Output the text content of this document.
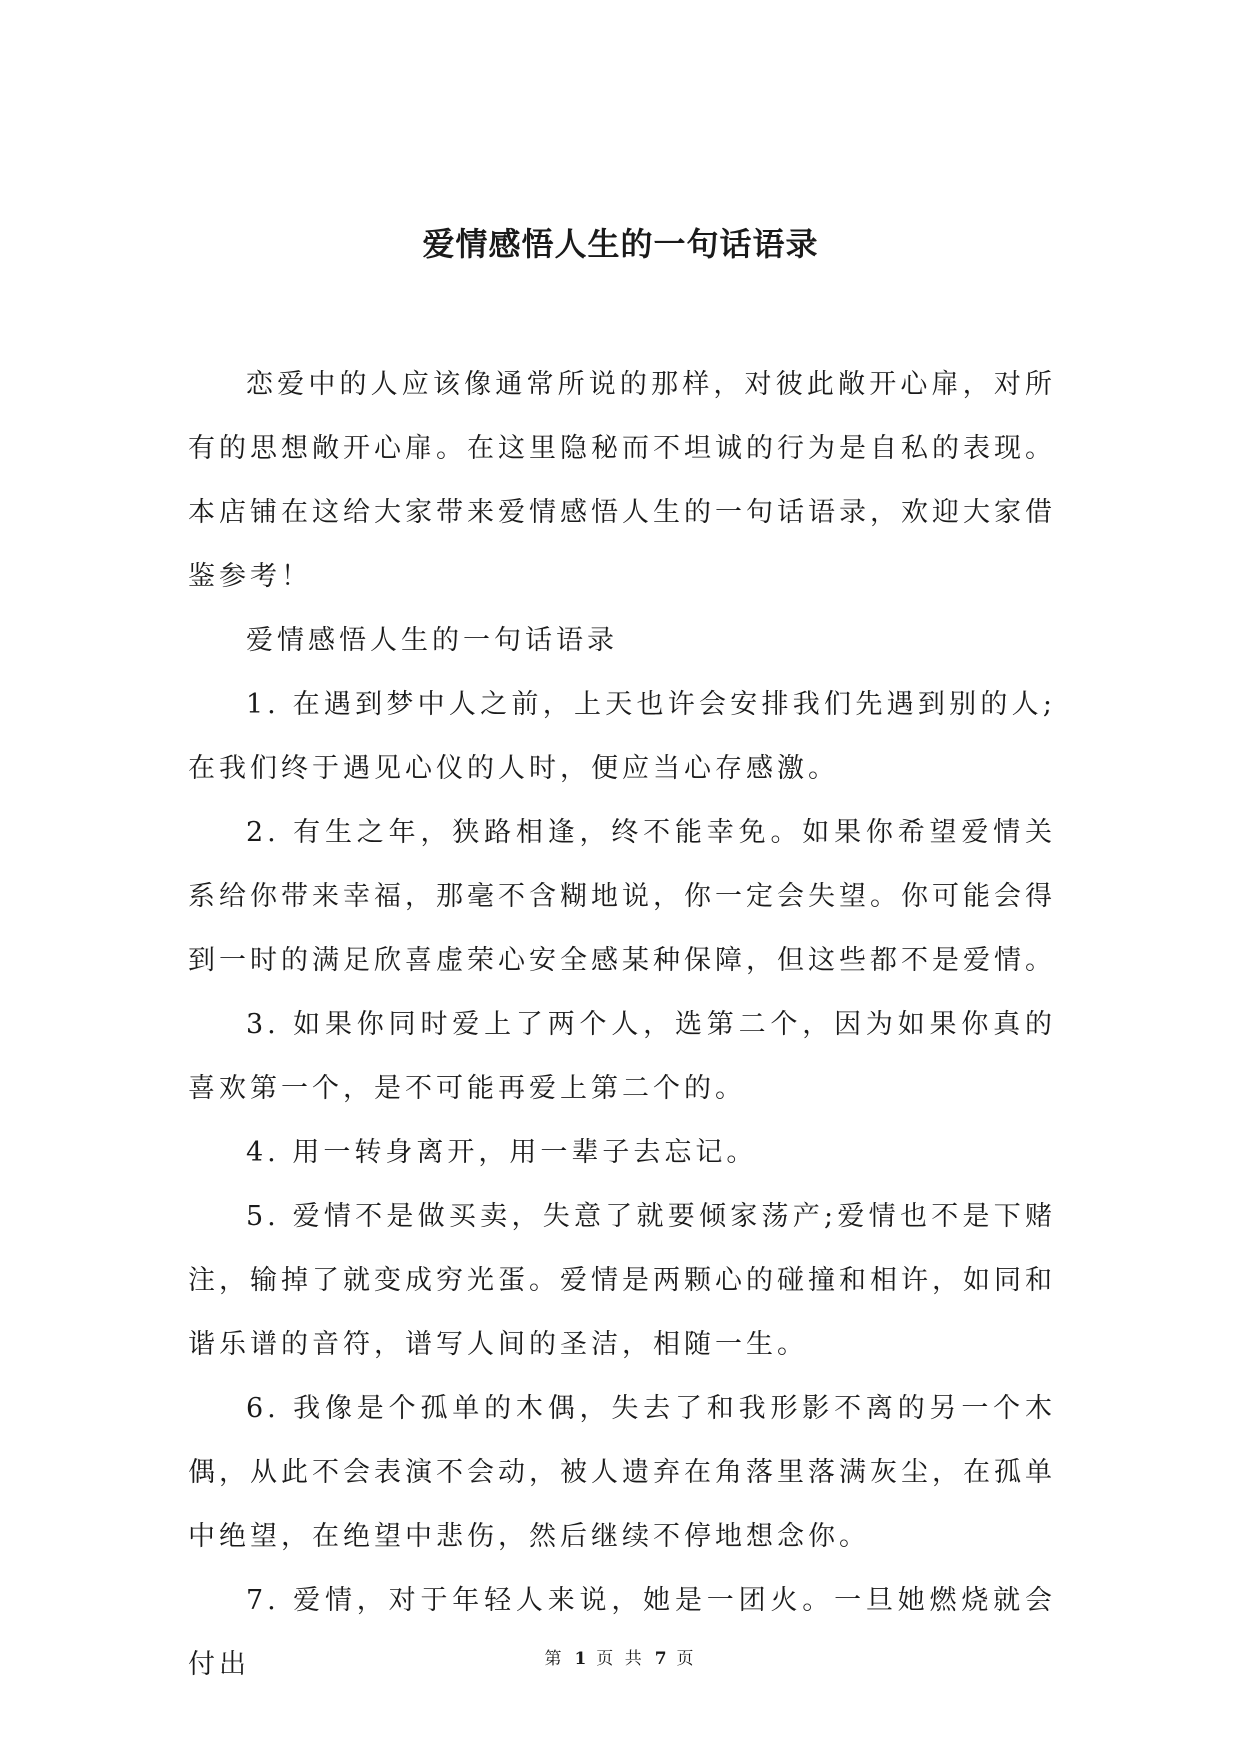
爱情感悟人生的一句话语录

恋爱中的人应该像通常所说的那样，对彼此敞开心扉，对所有的思想敞开心扉。在这里隐秘而不坦诚的行为是自私的表现。本店铺在这给大家带来爱情感悟人生的一句话语录，欢迎大家借鉴参考！

爱情感悟人生的一句话语录

1. 在遇到梦中人之前，上天也许会安排我们先遇到别的人;在我们终于遇见心仪的人时，便应当心存感激。

2. 有生之年，狭路相逢，终不能幸免。如果你希望爱情关系给你带来幸福，那毫不含糊地说，你一定会失望。你可能会得到一时的满足欣喜虚荣心安全感某种保障，但这些都不是爱情。

3. 如果你同时爱上了两个人，选第二个，因为如果你真的喜欢第一个，是不可能再爱上第二个的。

4. 用一转身离开，用一辈子去忘记。

5. 爱情不是做买卖，失意了就要倾家荡产;爱情也不是下赌注，输掉了就变成穷光蛋。爱情是两颗心的碰撞和相许，如同和谐乐谱的音符，谱写人间的圣洁，相随一生。

6. 我像是个孤单的木偶，失去了和我形影不离的另一个木偶，从此不会表演不会动，被人遗弃在角落里落满灰尘，在孤单中绝望，在绝望中悲伤，然后继续不停地想念你。

7. 爱情，对于年轻人来说，她是一团火。一旦她燃烧就会付出	第 1 页 共 7 页
